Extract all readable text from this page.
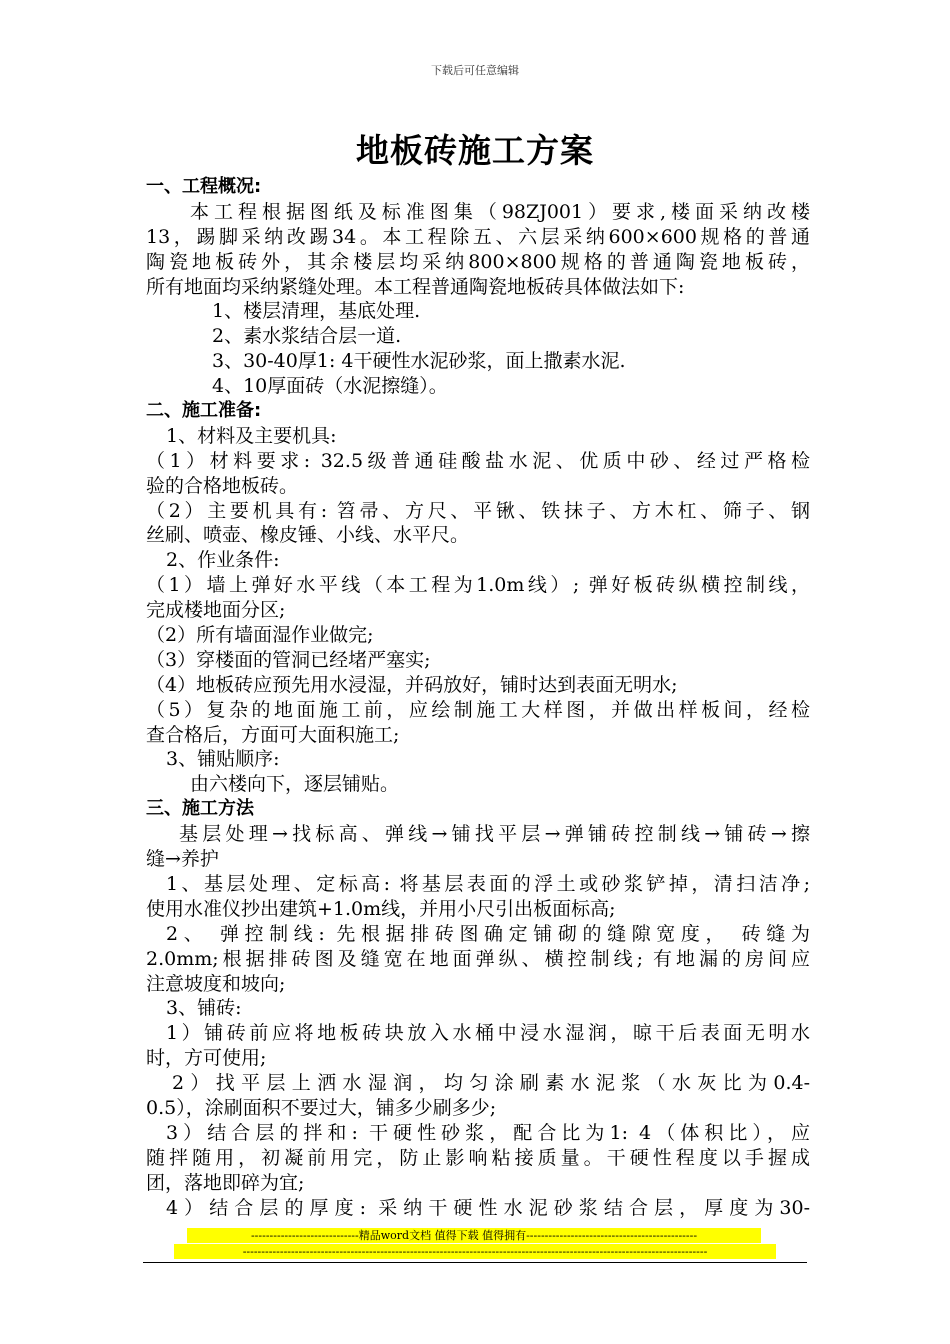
下载后可任意编辑
地板砖施工方案
一、工程概况:
本工程根据图纸及标准图集（98ZJ001）要求,楼面采纳改楼
13，踢脚采纳改踢34。本工程除五、六层采纳600×600规格的普通
陶瓷地板砖外，其余楼层均采纳800×800规格的普通陶瓷地板砖，
所有地面均采纳紧缝处理。本工程普通陶瓷地板砖具体做法如下:
1、楼层清理，基底处理.
2、素水浆结合层一道.
3、30-40厚1: 4干硬性水泥砂浆，面上撒素水泥.
4、10厚面砖（水泥擦缝）。
二、施工准备:
1、材料及主要机具:
（1）材料要求: 32.5级普通硅酸盐水泥、优质中砂、经过严格检
验的合格地板砖。
（2）主要机具有: 笤帚、方尺、平锹、铁抹子、方木杠、筛子、钢
丝刷、喷壶、橡皮锤、小线、水平尺。
2、作业条件:
（1）墙上弹好水平线（本工程为1.0m线）; 弹好板砖纵横控制线，
完成楼地面分区;
（2）所有墙面湿作业做完;
（3）穿楼面的管洞已经堵严塞实;
（4）地板砖应预先用水浸湿，并码放好，铺时达到表面无明水;
（5）复杂的地面施工前，应绘制施工大样图，并做出样板间，经检
查合格后，方面可大面积施工;
3、铺贴顺序:
由六楼向下，逐层铺贴。
三、施工方法
基层处理→找标高、弹线→铺找平层→弹铺砖控制线→铺砖→擦
缝→养护
1、基层处理、定标高: 将基层表面的浮土或砂浆铲掉，清扫洁净;
使用水准仪抄出建筑+1.0m线，并用小尺引出板面标高;
2、 弹控制线: 先根据排砖图确定铺砌的缝隙宽度， 砖缝为
2.0mm;根据排砖图及缝宽在地面弹纵、横控制线; 有地漏的房间应
注意坡度和坡向;
3、铺砖:
1）铺砖前应将地板砖块放入水桶中浸水湿润，晾干后表面无明水
时，方可使用;
2）找平层上洒水湿润，均匀涂刷素水泥浆（水灰比为0.4-
0.5），涂刷面积不要过大，铺多少刷多少;
3）结合层的拌和: 干硬性砂浆，配合比为1: 4（体积比），应
随拌随用，初凝前用完，防止影响粘接质量。干硬性程度以手握成
团，落地即碎为宜;
4）结合层的厚度: 采纳干硬性水泥砂浆结合层，厚度为30-
-----------------------------精品word文档 值得下载 值得拥有----------------------------------------------
-----------------------------------------------------------------------------------------------------------------------------
